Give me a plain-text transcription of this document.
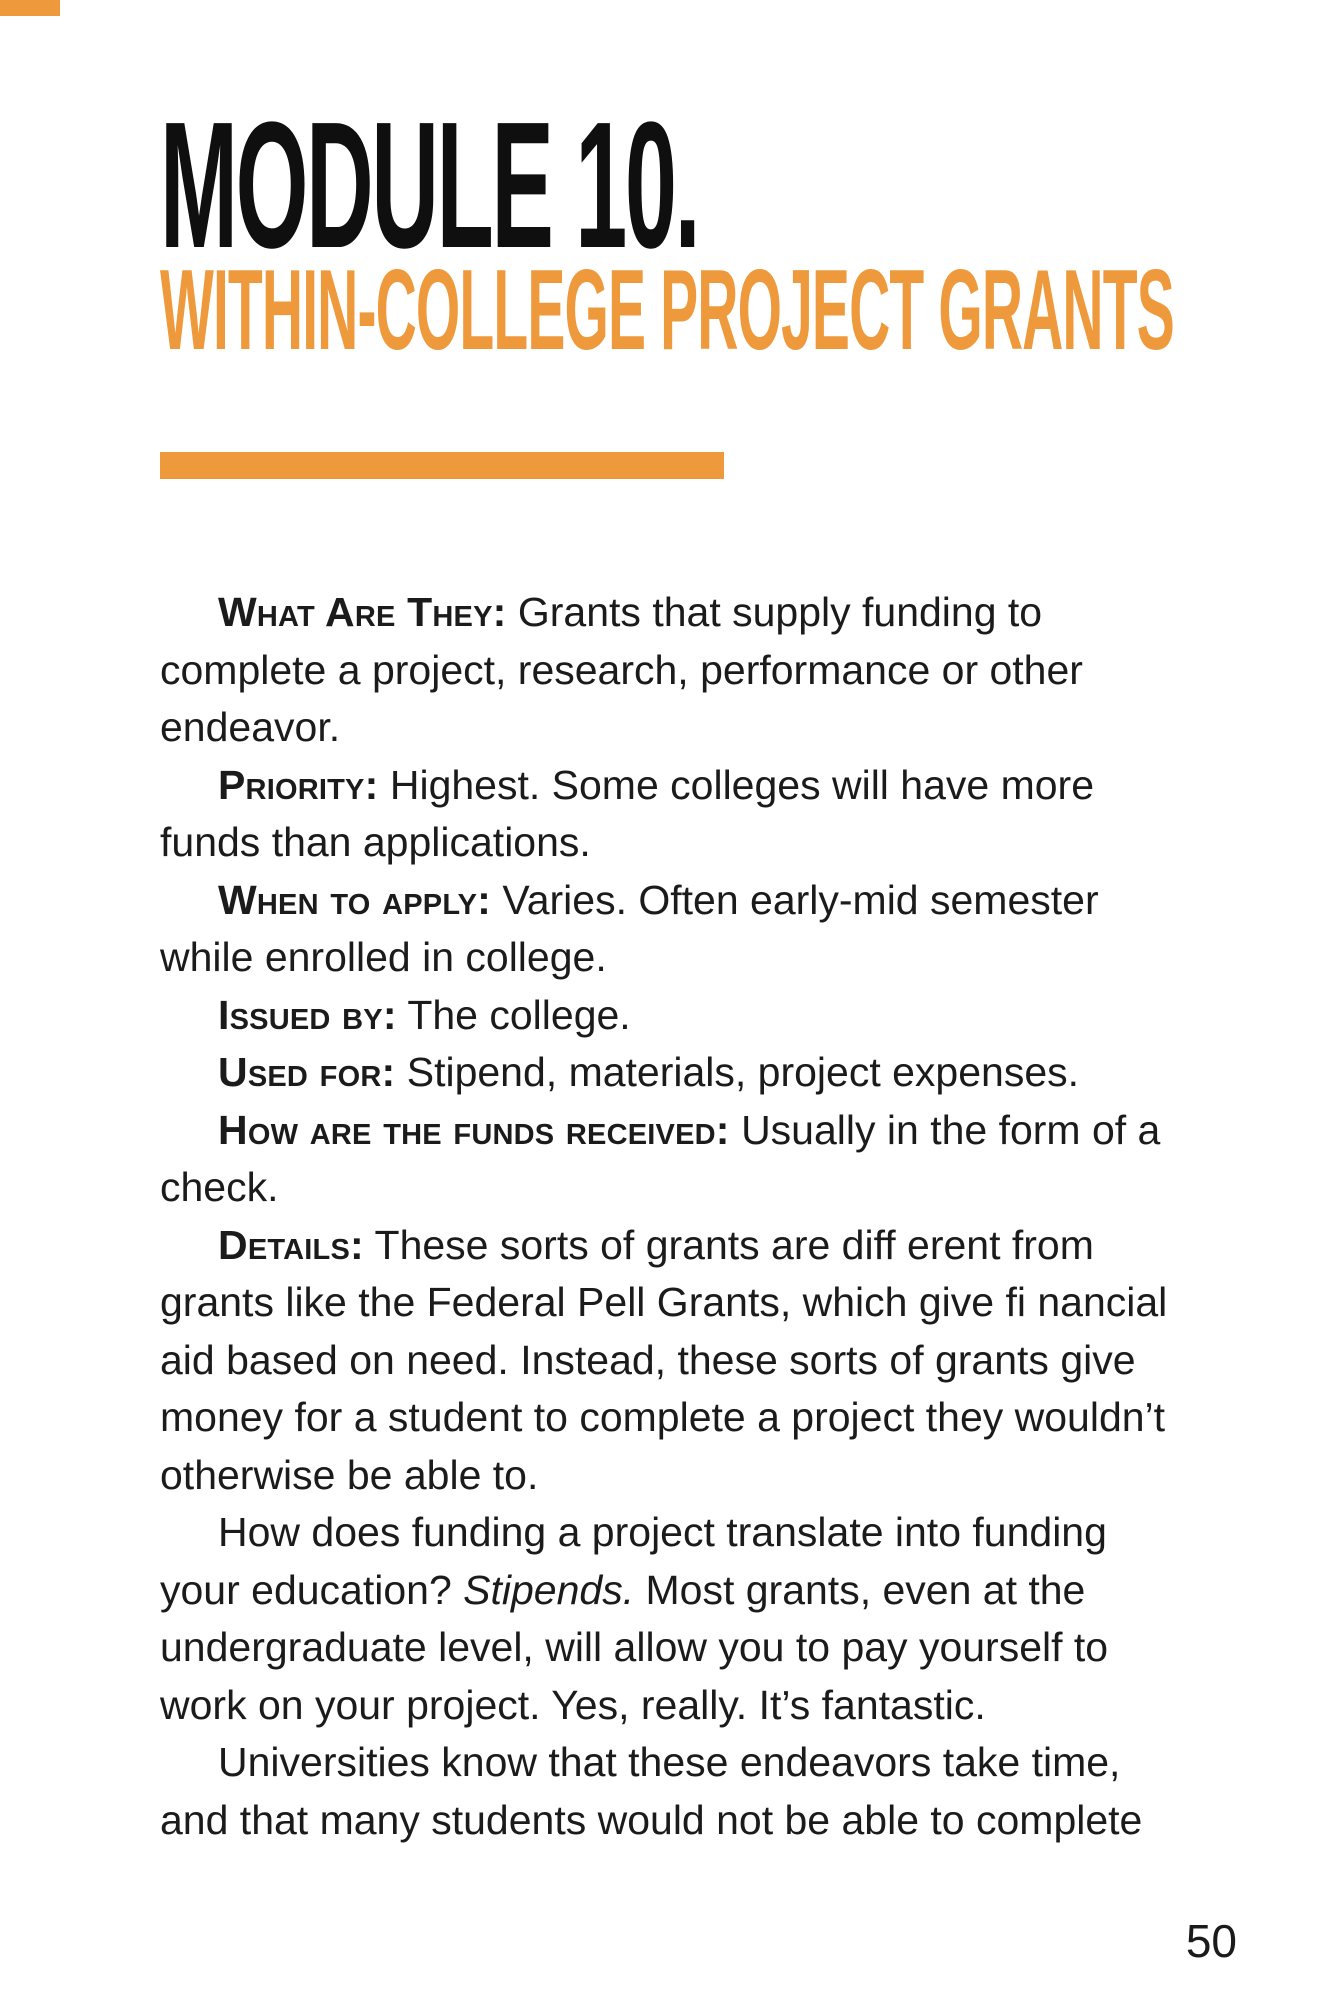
MODULE 10.
WITHIN-COLLEGE PROJECT GRANTS
What Are They: Grants that supply funding to
complete a project, research, performance or other
endeavor.
Priority: Highest. Some colleges will have more
funds than applications.
When to apply: Varies. Often early-mid semester
while enrolled in college.
Issued by: The college.
Used for: Stipend, materials, project expenses.
How are the funds received: Usually in the form of a
check.
Details: These sorts of grants are diff erent from
grants like the Federal Pell Grants, which give fi nancial
aid based on need. Instead, these sorts of grants give
money for a student to complete a project they wouldn’t
otherwise be able to.
How does funding a project translate into funding
your education? Stipends. Most grants, even at the
undergraduate level, will allow you to pay yourself to
work on your project. Yes, really. It’s fantastic.
Universities know that these endeavors take time,
and that many students would not be able to complete
50
